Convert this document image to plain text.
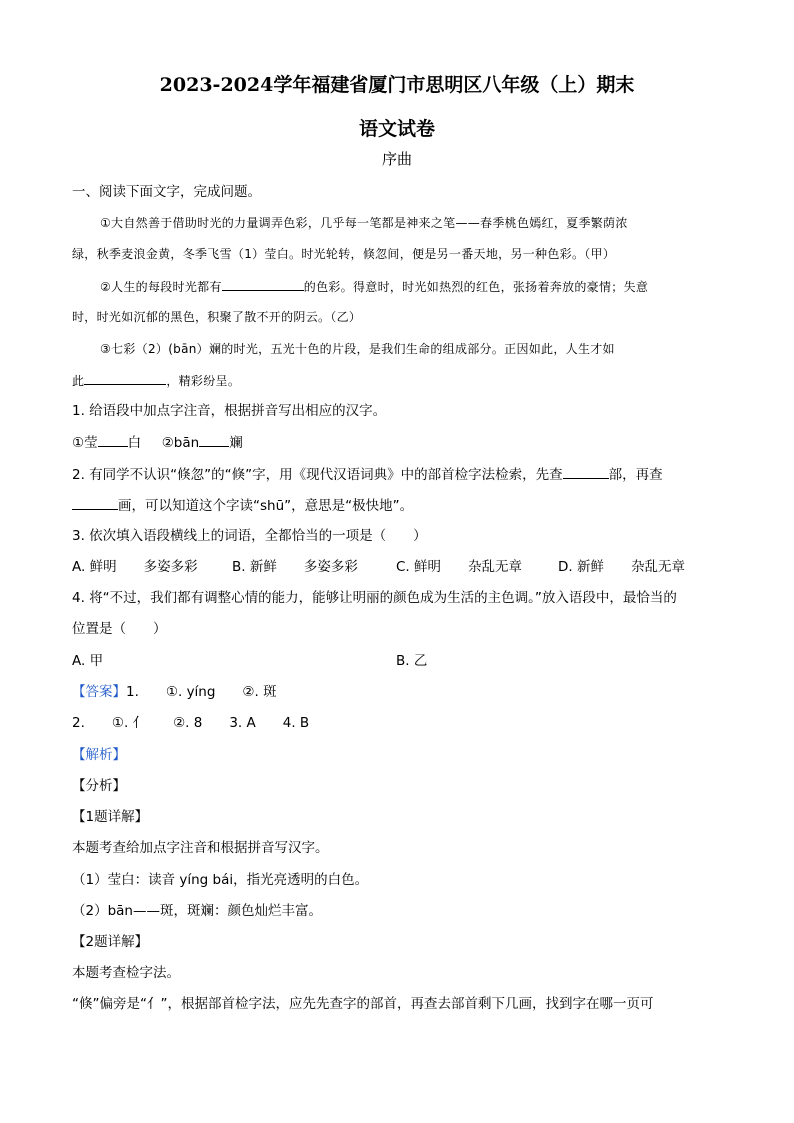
2023-2024学年福建省厦门市思明区八年级（上）期末
语文试卷
序曲
一、阅读下面文字，完成问题。
①大自然善于借助时光的力量调弄色彩，几乎每一笔都是神来之笔——春季桃色嫣红，夏季繁荫浓
绿，秋季麦浪金黄，冬季飞雪（1）莹白。时光轮转，倏忽间，便是另一番天地，另一种色彩。（甲）
②人生的每段时光都有	的色彩。得意时，时光如热烈的红色，张扬着奔放的豪情；失意
时，时光如沉郁的黑色，积聚了散不开的阴云。（乙）
③七彩（2）(bān）斓的时光，五光十色的片段，是我们生命的组成部分。正因如此，人生才如
此	，精彩纷呈。
1. 给语段中加点字注音，根据拼音写出相应的汉字。
①莹 白 ②bān 斓
2. 有同学不认识“倏忽”的“倏”字，用《现代汉语词典》中的部首检字法检索，先查	部，再查
画，可以知道这个字读“shū”，意思是“极快地”。
3. 依次填入语段横线上的词语，全都恰当的一项是（　　）
A. 鲜明　　多姿多彩	B. 新鲜　　多姿多彩	C. 鲜明　　杂乱无章	D. 新鲜　　杂乱无章
4. 将“不过，我们都有调整心情的能力，能够让明丽的颜色成为生活的主色调。”放入语段中，最恰当的
位置是（　　）
A. 甲	B. 乙
【答案】1.　　①. yíng　　②. 斑
2.　　①. 亻　　②. 8　　3. A　　4. B
【解析】
【分析】
【1题详解】
本题考查给加点字注音和根据拼音写汉字。
（1）莹白：读音 yíng bái，指光亮透明的白色。
（2）bān——斑，斑斓：颜色灿烂丰富。
【2题详解】
本题考查检字法。
“倏”偏旁是“亻”，根据部首检字法，应先先查字的部首，再查去部首剩下几画，找到字在哪一页可
